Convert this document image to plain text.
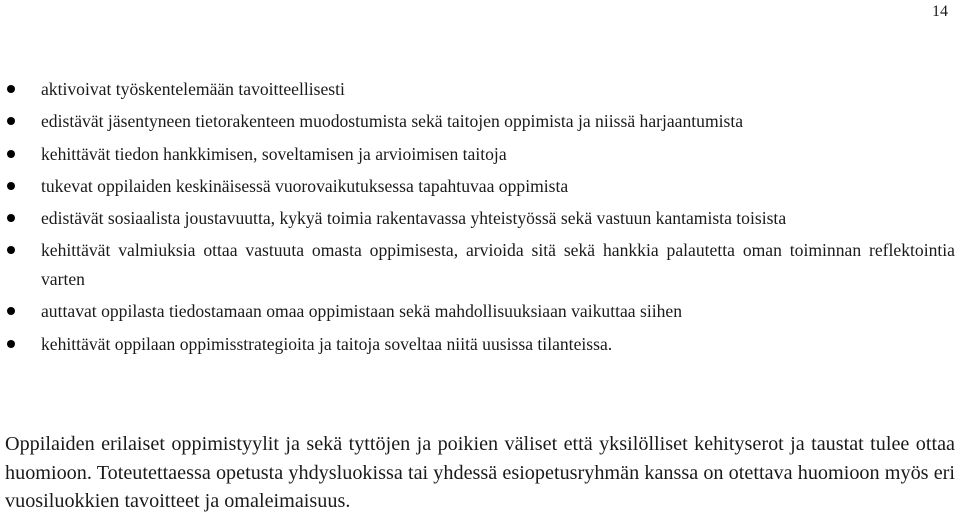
14
aktivoivat työskentelemään tavoitteellisesti
edistävät jäsentyneen tietorakenteen muodostumista sekä taitojen oppimista ja niissä harjaantumista
kehittävät tiedon hankkimisen, soveltamisen ja arvioimisen taitoja
tukevat oppilaiden keskinäisessä vuorovaikutuksessa tapahtuvaa oppimista
edistävät sosiaalista joustavuutta, kykyä toimia rakentavassa yhteistyössä sekä vastuun kantamista toisista
kehittävät valmiuksia ottaa vastuuta omasta oppimisesta, arvioida sitä sekä hankkia palautetta oman toiminnan reflektointia varten
auttavat oppilasta tiedostamaan omaa oppimistaan sekä mahdollisuuksiaan vaikuttaa siihen
kehittävät oppilaan oppimisstrategioita ja taitoja soveltaa niitä uusissa tilanteissa.

Oppilaiden erilaiset oppimistyylit ja sekä tyttöjen ja poikien väliset että yksilölliset kehityserot ja taustat tulee ottaa huomioon. Toteutettaessa opetusta yhdysluokissa tai yhdessä esiopetusryhmän kanssa on otettava huomioon myös eri vuosiluokkien tavoitteet ja omaleimaisuus.
